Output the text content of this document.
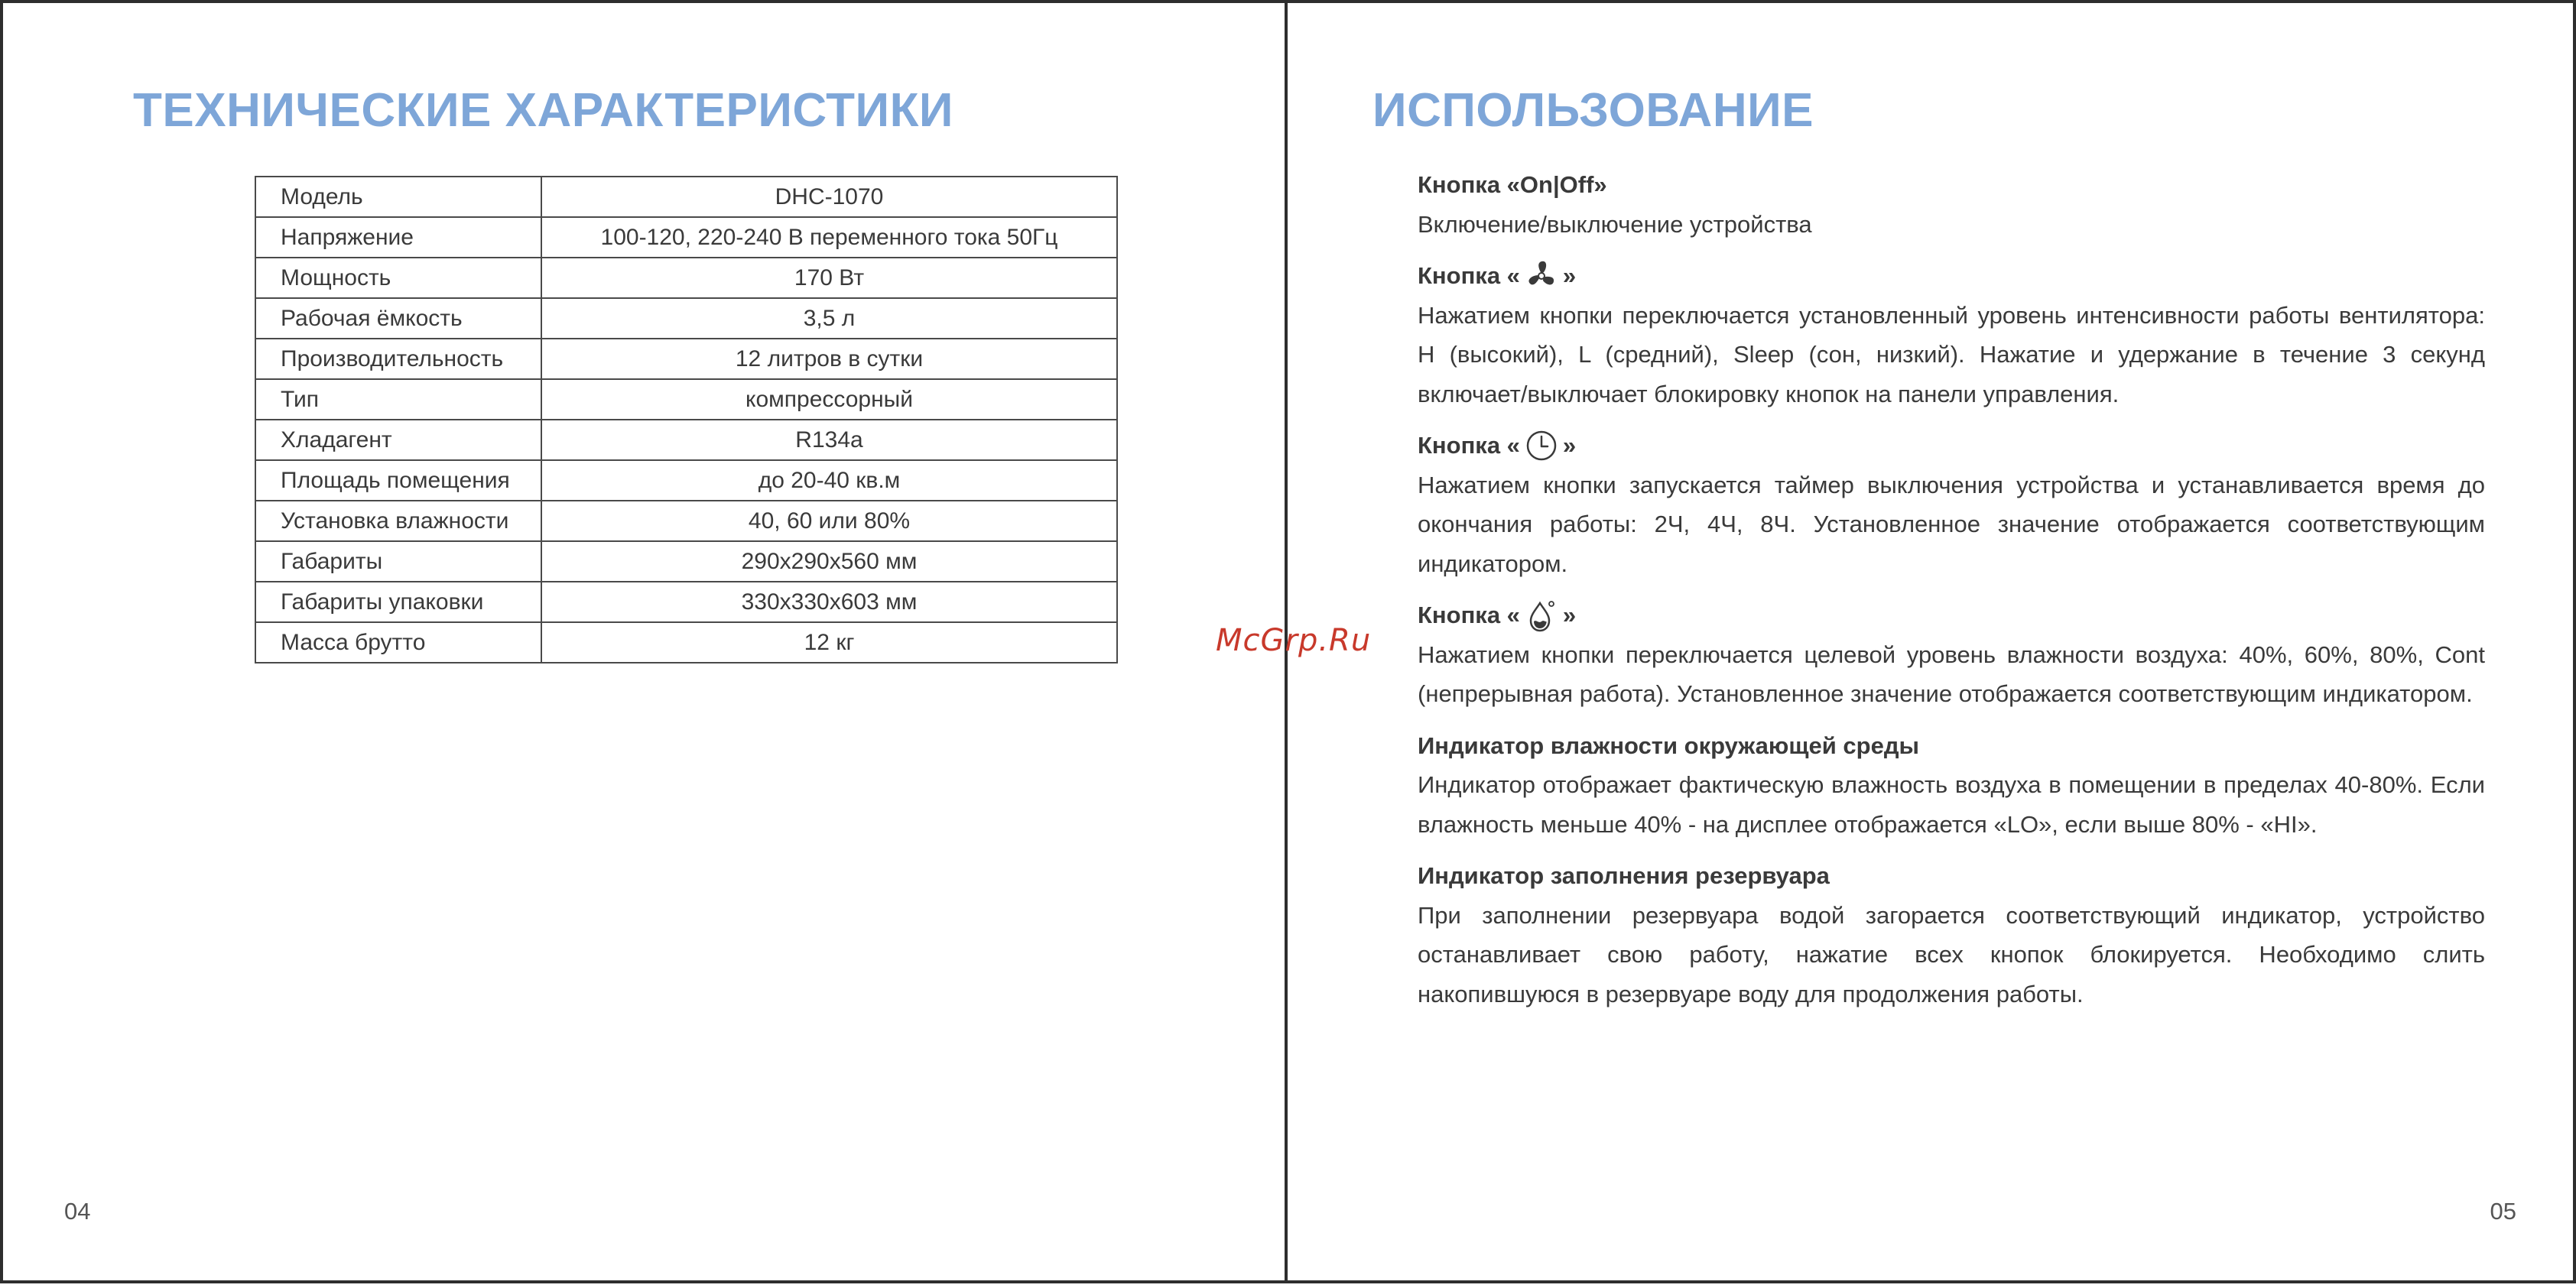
ТЕХНИЧЕСКИЕ ХАРАКТЕРИСТИКИ
Модель	DHC-1070
Напряжение	100-120, 220-240 В переменного тока 50Гц
Мощность	170 Вт
Рабочая ёмкость	3,5 л
Производительность	12 литров в сутки
Тип	компрессорный
Хладагент	R134a
Площадь помещения	до 20-40 кв.м
Установка влажности	40, 60 или 80%
Габариты	290х290х560 мм
Габариты упаковки	330х330х603 мм
Масса брутто	12 кг
04
ИСПОЛЬЗОВАНИЕ
Кнопка «On|Off»
Включение/выключение устройства
Кнопка « »
Нажатием кнопки переключается установленный уровень интенсивности работы вентилятора: H (высокий), L (средний), Sleep (сон, низкий). Нажатие и удержание в течение 3 секунд включает/выключает блокировку кнопок на панели управления.
Кнопка « »
Нажатием кнопки запускается таймер выключения устройства и устанавливается время до окончания работы: 2Ч, 4Ч, 8Ч. Установленное значение отображается соответствующим индикатором.
Кнопка « »
Нажатием кнопки переключается целевой уровень влажности воздуха: 40%, 60%, 80%, Cont (непрерывная работа). Установленное значение отображается соответствующим индикатором.
Индикатор влажности окружающей среды
Индикатор отображает фактическую влажность воздуха в помещении в пределах 40-80%. Если влажность меньше 40% - на дисплее отображается «LO», если выше 80% - «HI».
Индикатор заполнения резервуара
При заполнении резервуара водой загорается соответствующий индикатор, устройство останавливает свою работу, нажатие всех кнопок блокируется. Необходимо слить накопившуюся в резервуаре воду для продолжения работы.
05
McGrp.Ru
